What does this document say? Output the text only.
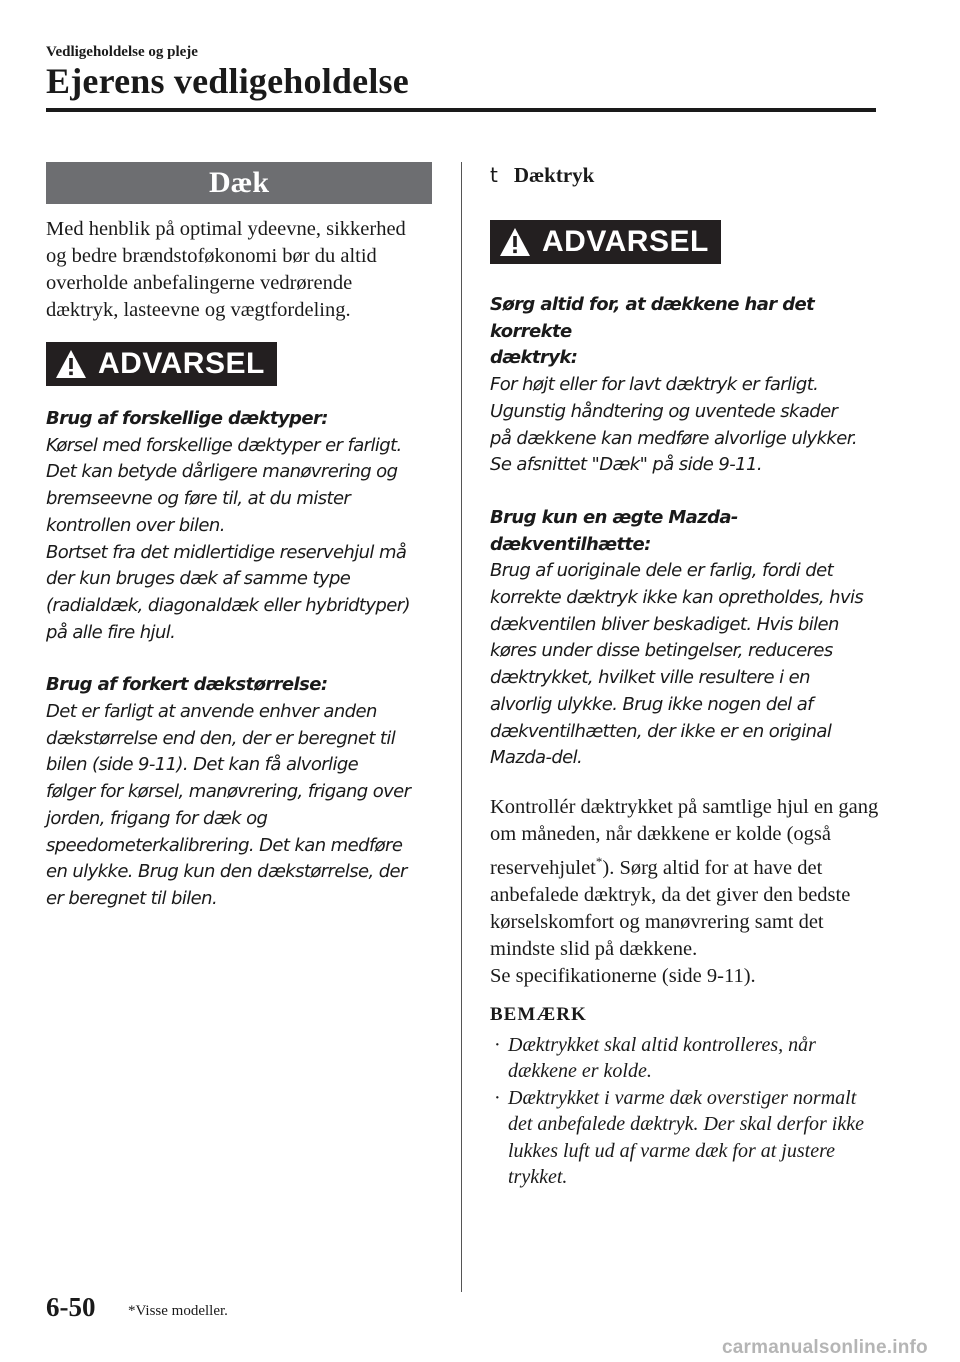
Vedligeholdelse og pleje
Ejerens vedligeholdelse
Dæk

Med henblik på optimal ydeevne, sikkerhed og bedre brændstoføkonomi bør du altid overholde anbefalingerne vedrørende dæktryk, lasteevne og vægtfordeling.

ADVARSEL

Brug af forskellige dæktyper:
Kørsel med forskellige dæktyper er farligt.
Det kan betyde dårligere manøvrering og
bremseevne og føre til, at du mister
kontrollen over bilen.
Bortset fra det midlertidige reservehjul må
der kun bruges dæk af samme type
(radialdæk, diagonaldæk eller hybridtyper)
på alle fire hjul.

Brug af forkert dækstørrelse:
Det er farligt at anvende enhver anden
dækstørrelse end den, der er beregnet til
bilen (side 9-11). Det kan få alvorlige
følger for kørsel, manøvrering, frigang over
jorden, frigang for dæk og
speedometerkalibrering. Det kan medføre
en ulykke. Brug kun den dækstørrelse, der
er beregnet til bilen.

t Dæktryk
ADVARSEL

Sørg altid for, at dækkene har det korrekte
dæktryk:
For højt eller for lavt dæktryk er farligt.
Ugunstig håndtering og uventede skader
på dækkene kan medføre alvorlige ulykker.
Se afsnittet "Dæk" på side 9-11.

Brug kun en ægte Mazda-dækventilhætte:
Brug af uoriginale dele er farlig, fordi det
korrekte dæktryk ikke kan opretholdes, hvis
dækventilen bliver beskadiget. Hvis bilen
køres under disse betingelser, reduceres
dæktrykket, hvilket ville resultere i en
alvorlig ulykke. Brug ikke nogen del af
dækventilhætten, der ikke er en original
Mazda-del.

Kontrollér dæktrykket på samtlige hjul en gang om måneden, når dækkene er kolde (også reservehjulet*). Sørg altid for at have det anbefalede dæktryk, da det giver den bedste kørselskomfort og manøvrering samt det mindste slid på dækkene.
Se specifikationerne (side 9-11).

BEMÆRK
· Dæktrykket skal altid kontrolleres, når dækkene er kolde.
· Dæktrykket i varme dæk overstiger normalt det anbefalede dæktryk. Der skal derfor ikke lukkes luft ud af varme dæk for at justere trykket.
6-50 *Visse modeller.
carmanualsonline.info
